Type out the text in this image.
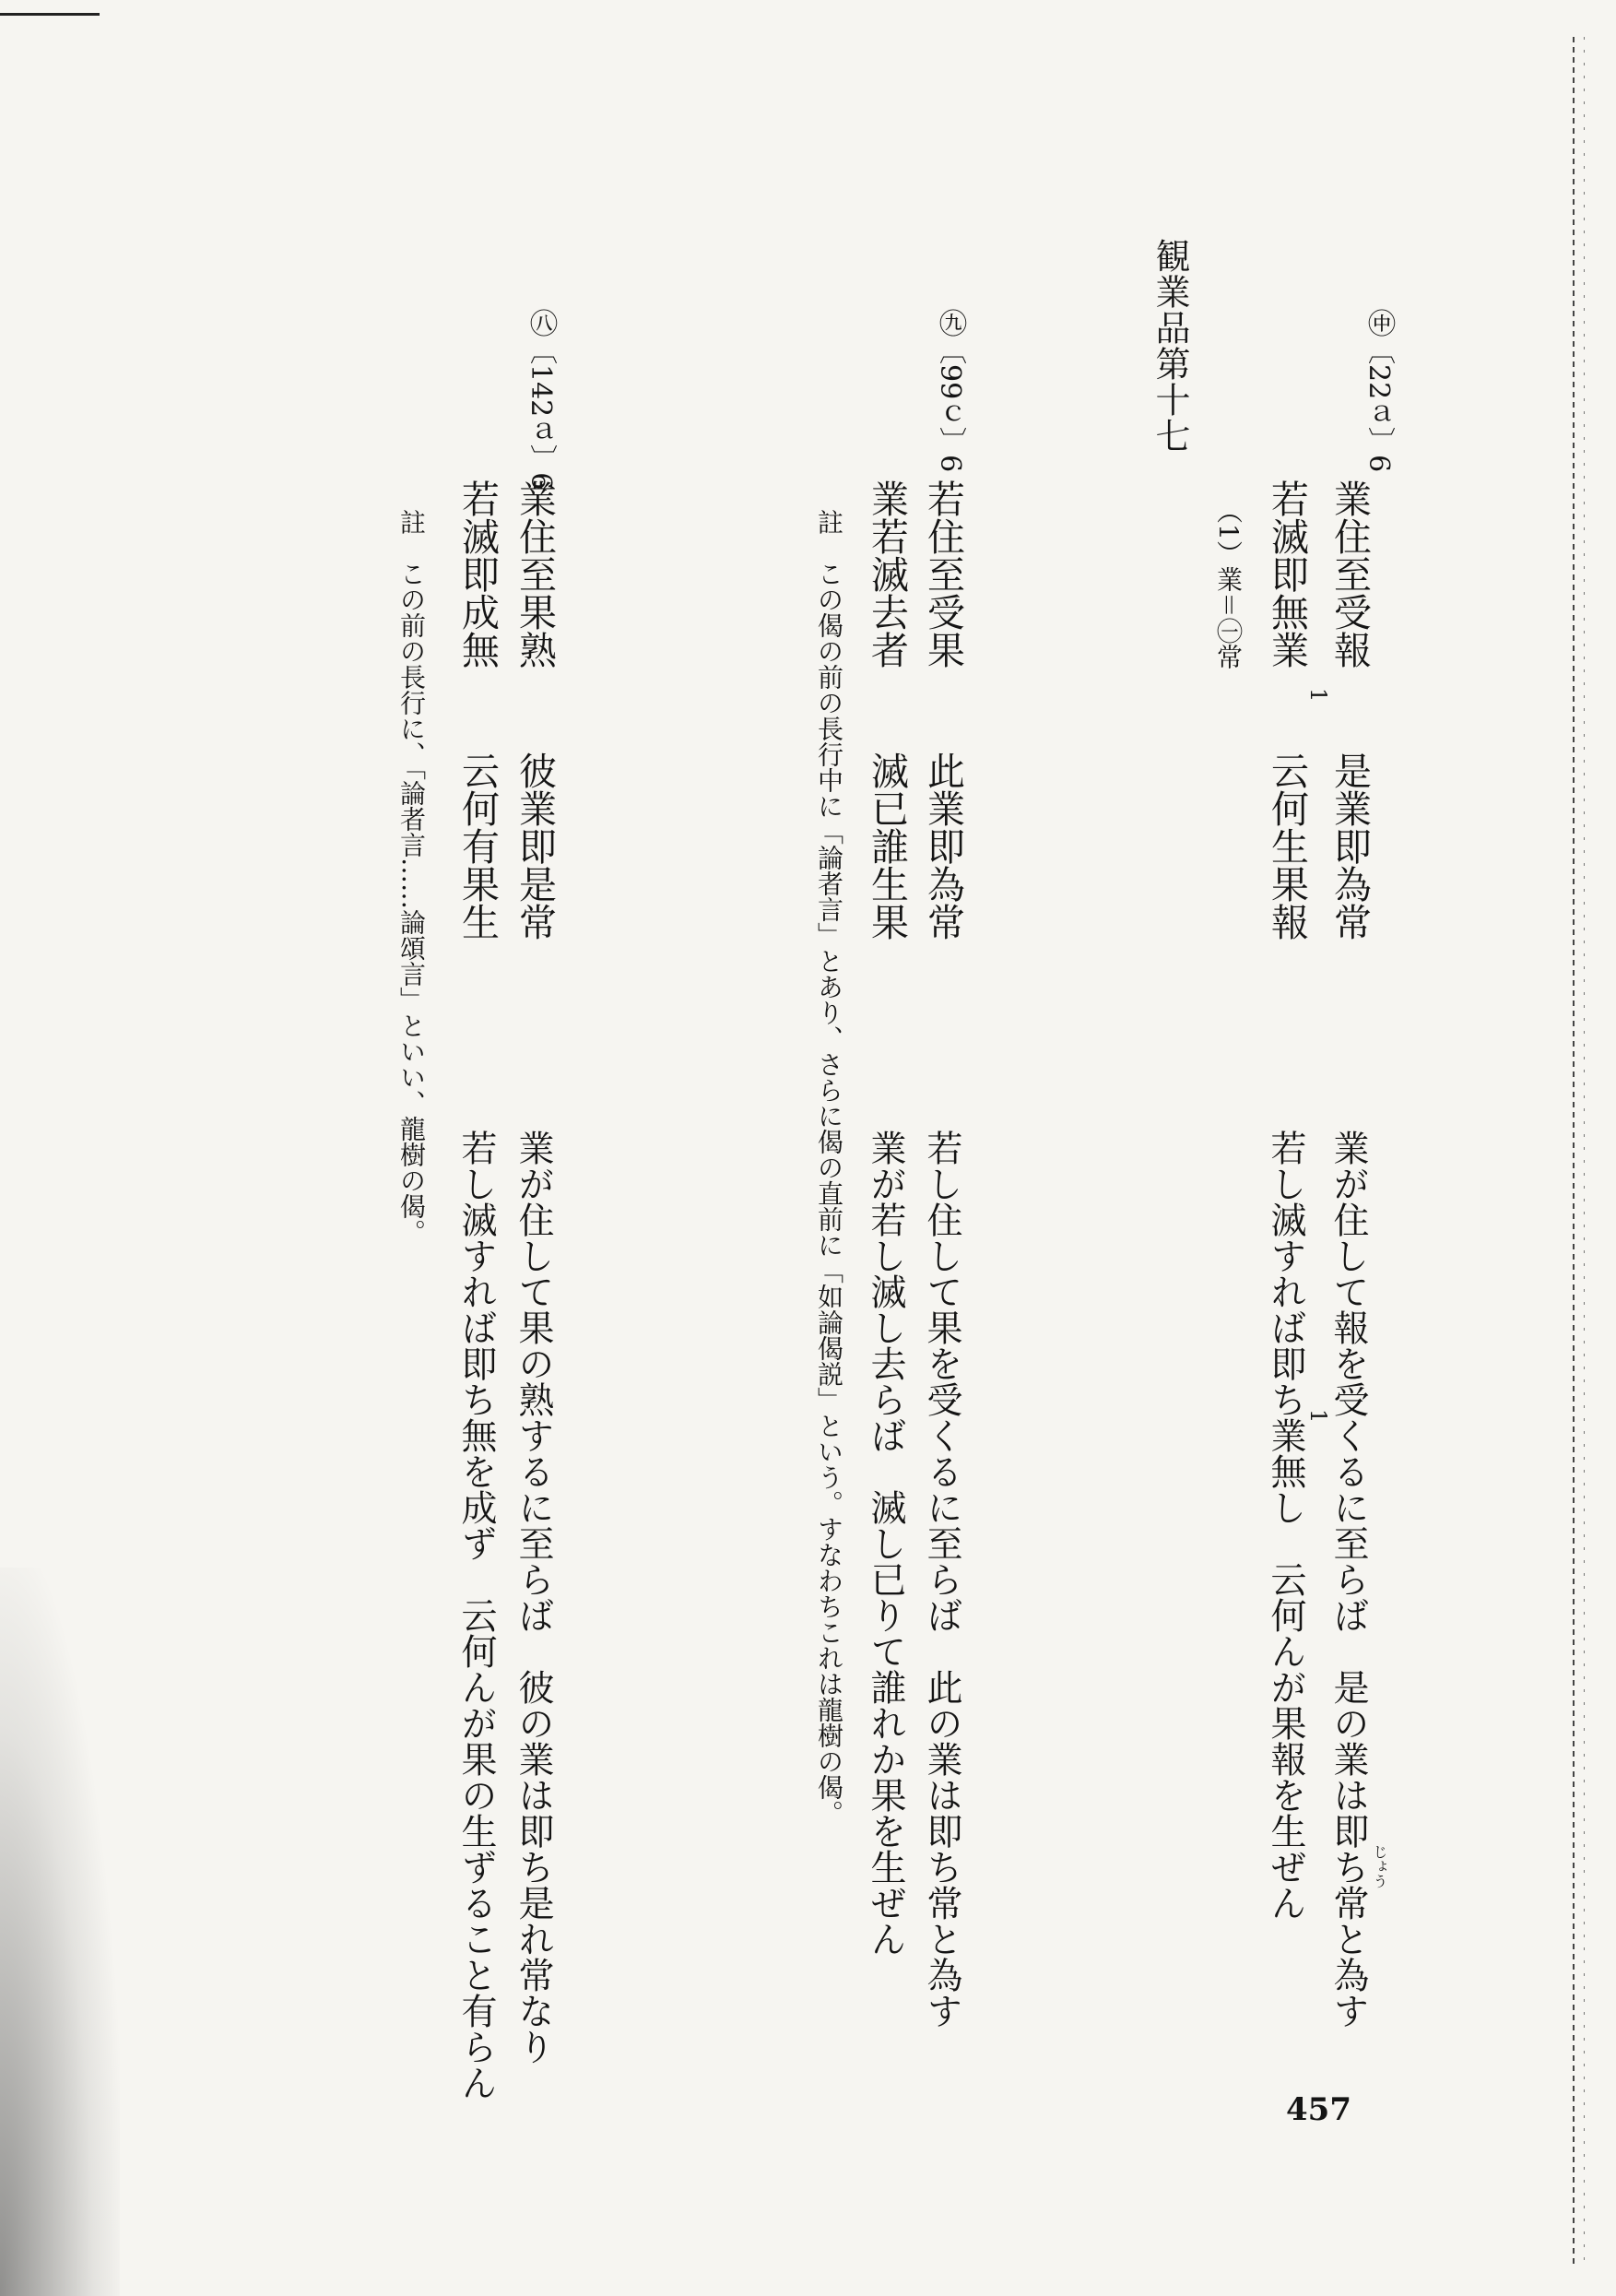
観業品第十七	㊥〔22ａ〕6
業住至受報是業即為常
若滅即無業云何生果報
1
（1）業＝㊀常
業が住して報を受くるに至らば　是の業は即ち常と為す
若し滅すれば即ち業無し　云何んが果報を生ぜん	じょう
1
㊈〔99ｃ〕6
若住至受果此業即為常
業若滅去者滅已誰生果
註　この偈の前の長行中に「論者言」とあり、さらに偈の直前に「如論偈説」という。すなわちこれは龍樹の偈。 若し住して果を受くるに至らば　此の業は即ち常と為す
業が若し滅し去らば　滅し已りて誰れか果を生ぜん
㊇〔142ａ〕6
業住至果熟彼業即是常
若滅即成無云何有果生
註　この前の長行に、「論者言……論頌言」といい、龍樹の偈。
業が住して果の熟するに至らば　彼の業は即ち是れ常なり
若し滅すれば即ち無を成ず　云何んが果の生ずること有らん
457
